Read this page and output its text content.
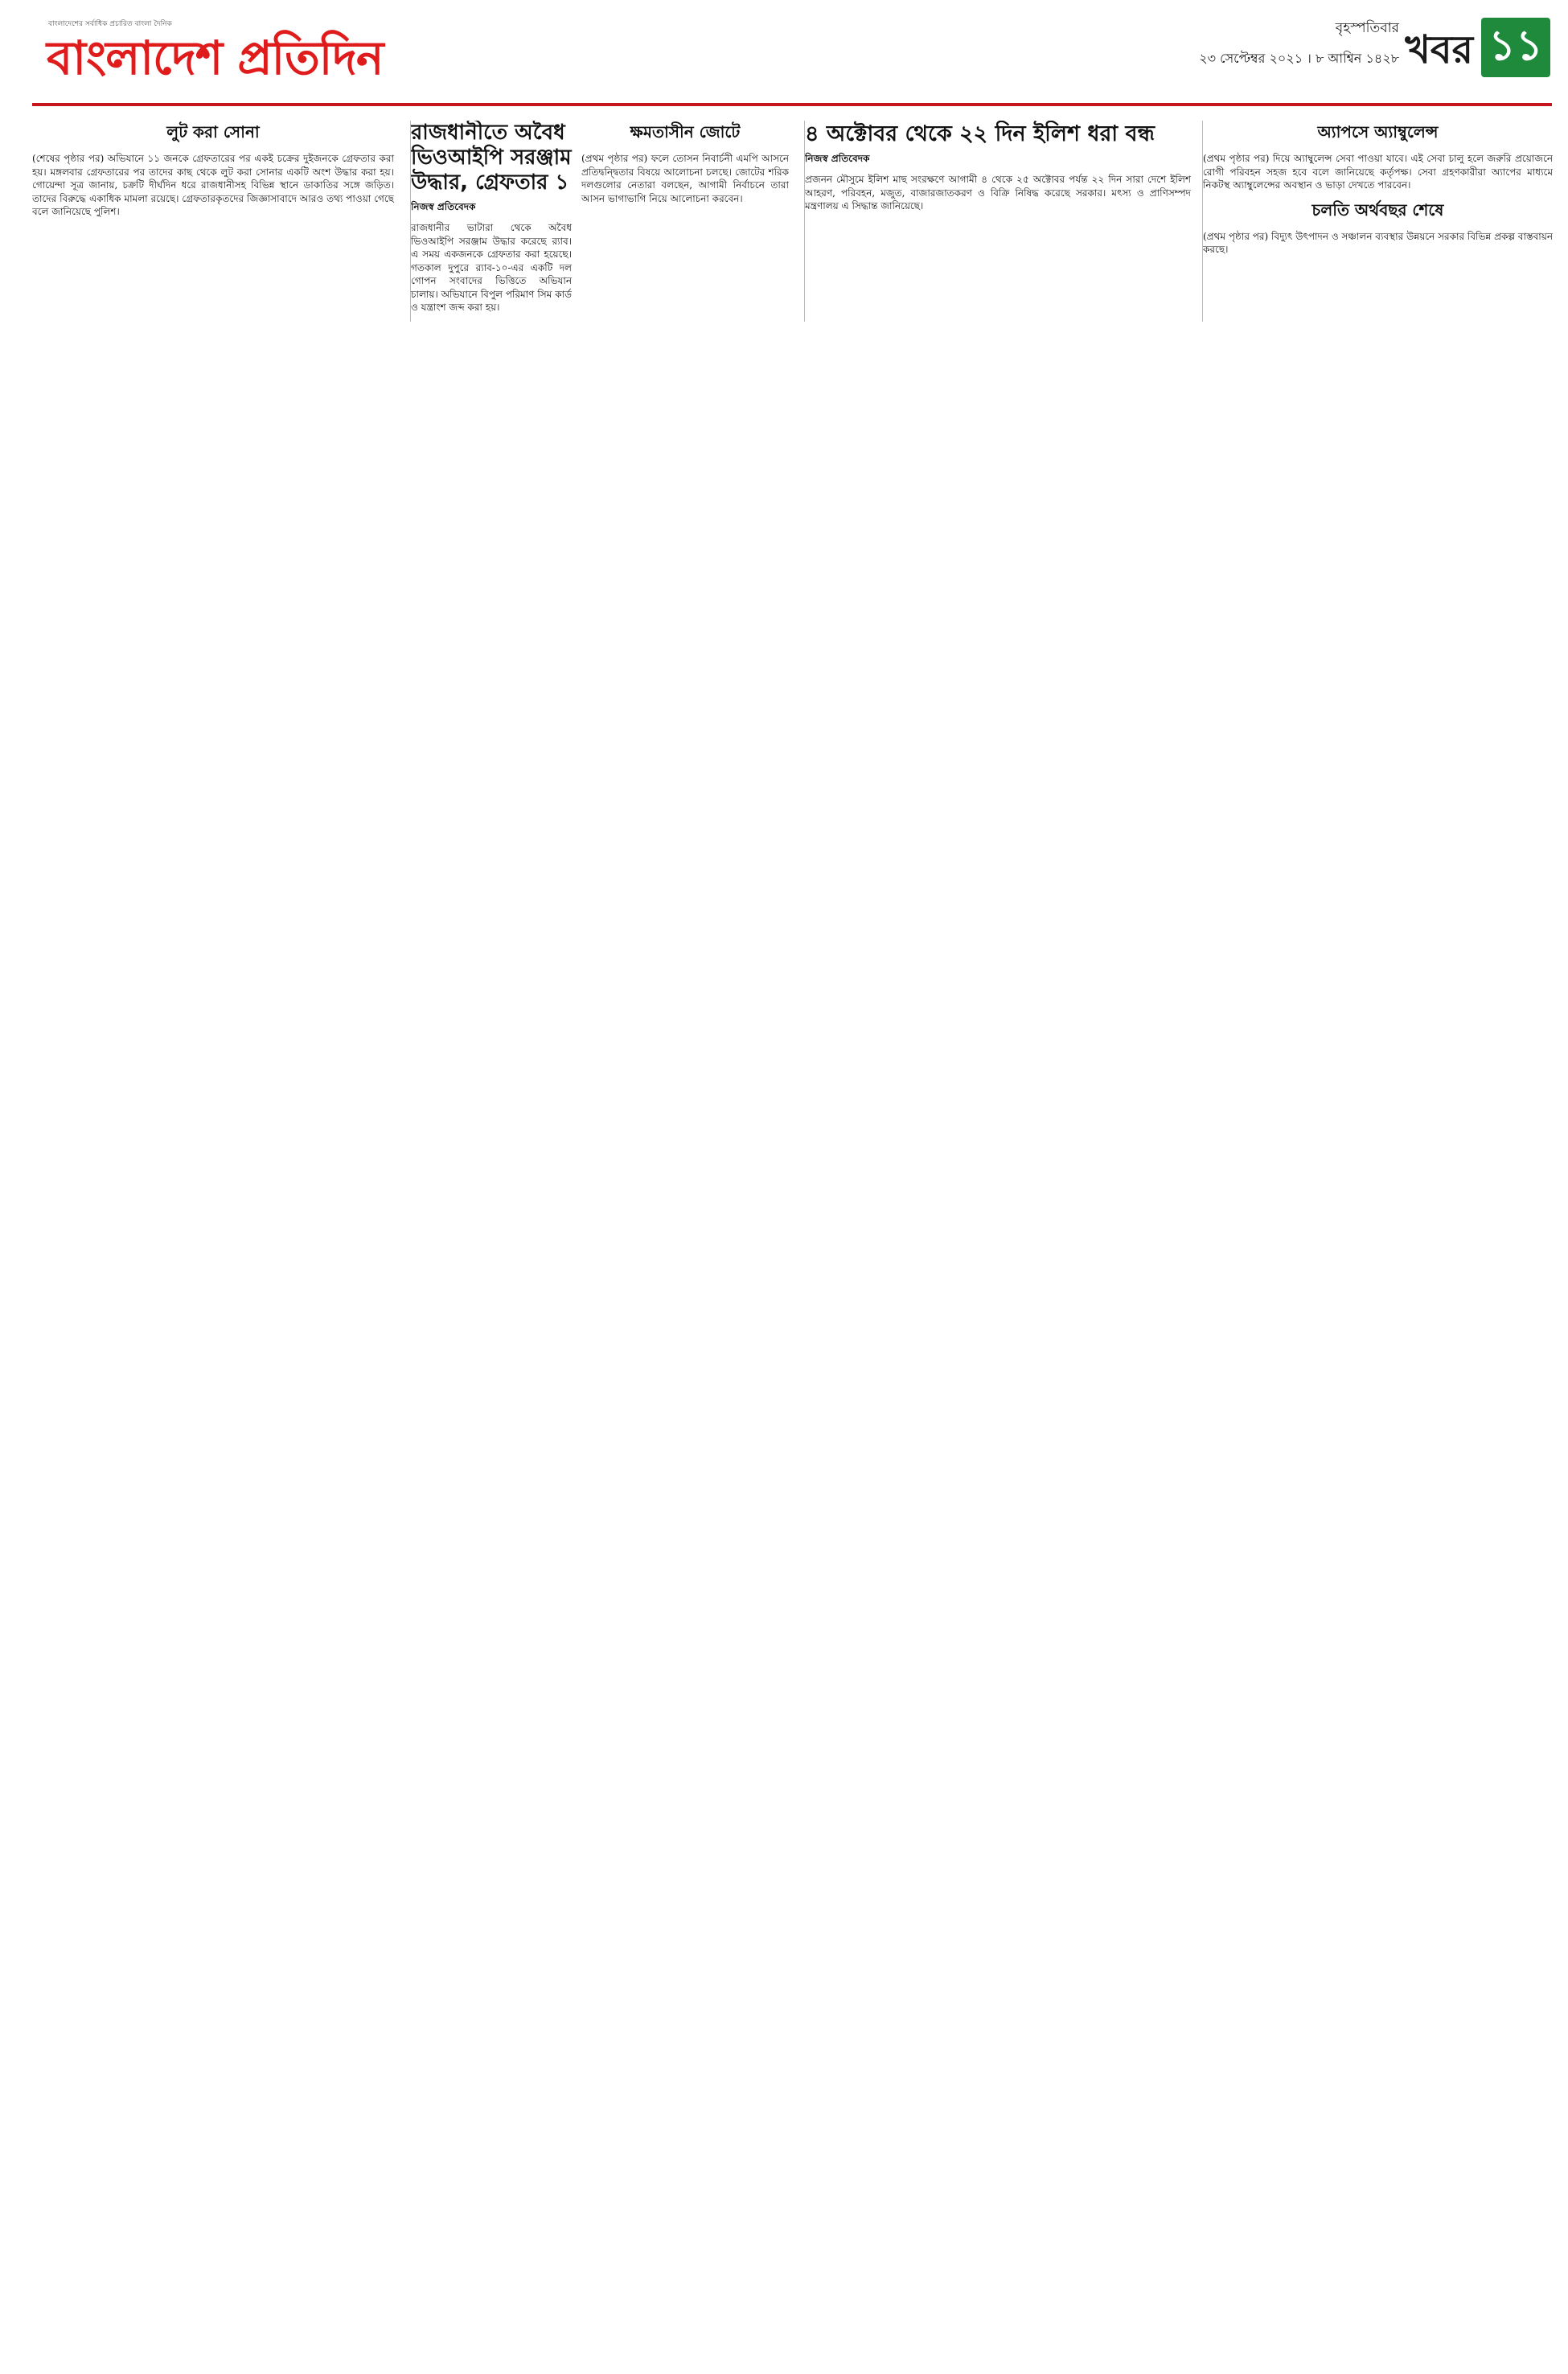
বাংলাদেশের সর্বাধিক প্রচারিত বাংলা দৈনিক
বাংলাদেশ প্রতিদিন
বৃহস্পতিবার
২৩ সেপ্টেম্বর ২০২১ । ৮ আশ্বিন ১৪২৮ খবর ১১
লুট করা সোনা

(শেষের পৃষ্ঠার পর) অভিযানে ১১ জনকে গ্রেফতারের পর একই চক্রের দুইজনকে গ্রেফতার করা হয়। মঙ্গলবার গ্রেফতারের পর তাদের কাছ থেকে লুট করা সোনার একটি অংশ উদ্ধার করা হয়। গোয়েন্দা সূত্র জানায়, চক্রটি দীর্ঘদিন ধরে রাজধানীসহ বিভিন্ন স্থানে ডাকাতির সঙ্গে জড়িত। তাদের বিরুদ্ধে একাধিক মামলা রয়েছে। গ্রেফতারকৃতদের জিজ্ঞাসাবাদে আরও তথ্য পাওয়া গেছে বলে জানিয়েছে পুলিশ।

রাজধানীতে অবৈধ ভিওআইপি সরঞ্জাম উদ্ধার, গ্রেফতার ১
নিজস্ব প্রতিবেদক

রাজধানীর ভাটারা থেকে অবৈধ ভিওআইপি সরঞ্জাম উদ্ধার করেছে র‌্যাব। এ সময় একজনকে গ্রেফতার করা হয়েছে। গতকাল দুপুরে র‌্যাব-১০-এর একটি দল গোপন সংবাদের ভিত্তিতে অভিযান চালায়। অভিযানে বিপুল পরিমাণ সিম কার্ড ও যন্ত্রাংশ জব্দ করা হয়।

ক্ষমতাসীন জোটে

(প্রথম পৃষ্ঠার পর) ফলে তোসন নিবার্চনী এমপি আসনে প্রতিদ্বন্দ্বিতার বিষয়ে আলোচনা চলছে। জোটের শরিক দলগুলোর নেতারা বলছেন, আগামী নির্বাচনে তারা আসন ভাগাভাগি নিয়ে আলোচনা করবেন।

৪ অক্টোবর থেকে ২২ দিন ইলিশ ধরা বন্ধ
নিজস্ব প্রতিবেদক

প্রজনন মৌসুমে ইলিশ মাছ সংরক্ষণে আগামী ৪ থেকে ২৫ অক্টোবর পর্যন্ত ২২ দিন সারা দেশে ইলিশ আহরণ, পরিবহন, মজুত, বাজারজাতকরণ ও বিক্রি নিষিদ্ধ করেছে সরকার। মৎস্য ও প্রাণিসম্পদ মন্ত্রণালয় এ সিদ্ধান্ত জানিয়েছে।

অ্যাপসে অ্যাম্বুলেন্স

(প্রথম পৃষ্ঠার পর) দিয়ে অ্যাম্বুলেন্স সেবা পাওয়া যাবে। এই সেবা চালু হলে জরুরি প্রয়োজনে রোগী পরিবহন সহজ হবে বলে জানিয়েছে কর্তৃপক্ষ। সেবা গ্রহণকারীরা অ্যাপের মাধ্যমে নিকটস্থ অ্যাম্বুলেন্সের অবস্থান ও ভাড়া দেখতে পারবেন।

চলতি অর্থবছর শেষে

(প্রথম পৃষ্ঠার পর) বিদ্যুৎ উৎপাদন ও সঞ্চালন ব্যবস্থার উন্নয়নে সরকার বিভিন্ন প্রকল্প বাস্তবায়ন করছে।
